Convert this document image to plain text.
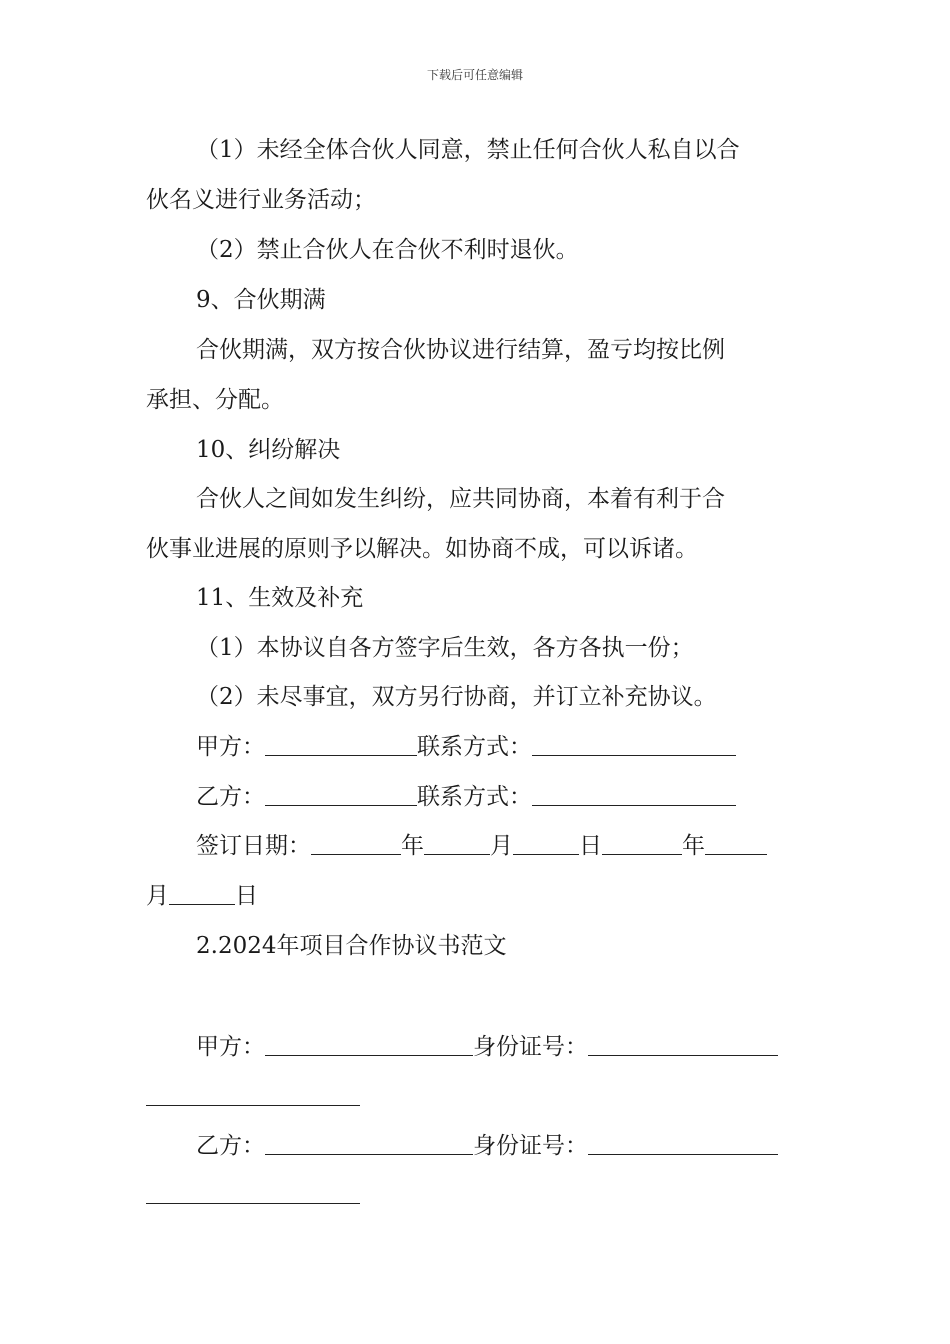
下载后可任意编辑
（1）未经全体合伙人同意，禁止任何合伙人私自以合
伙名义进行业务活动；
（2）禁止合伙人在合伙不利时退伙。
9、合伙期满
合伙期满，双方按合伙协议进行结算，盈亏均按比例
承担、分配。
10、纠纷解决
合伙人之间如发生纠纷，应共同协商，本着有利于合
伙事业进展的原则予以解决。如协商不成，可以诉诸。
11、生效及补充
（1）本协议自各方签字后生效，各方各执一份；
（2）未尽事宜，双方另行协商，并订立补充协议。
甲方：	联系方式：
乙方：	联系方式：
签订日期：	年	月	日	年
月	日
2.2024年项目合作协议书范文
甲方：	身份证号：
乙方：	身份证号：
